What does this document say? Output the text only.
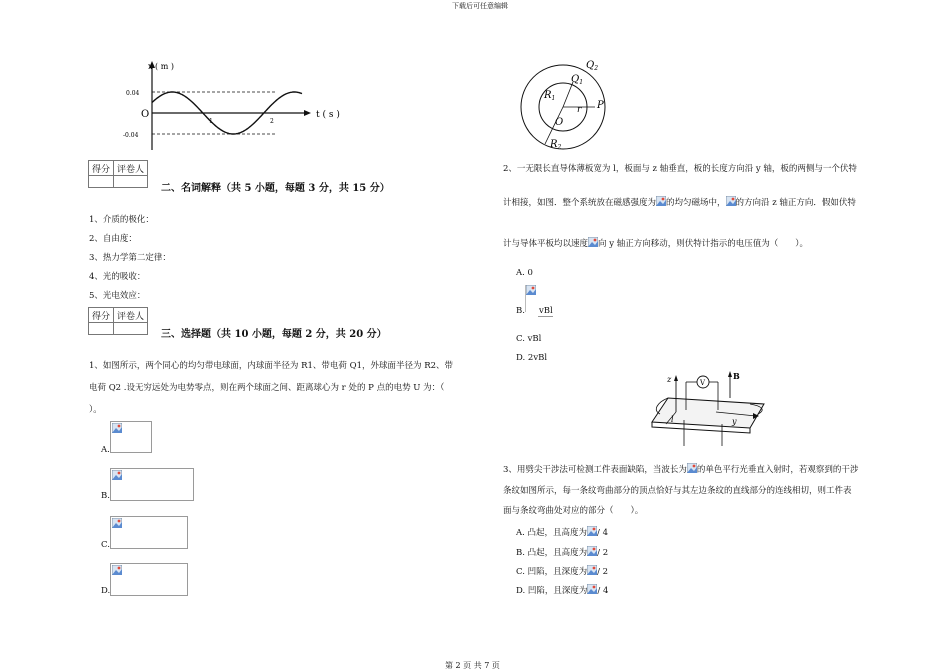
下载后可任意编辑
第 2 页 共 7 页
x ( m )
t ( s )
0.04
-0.04
O
1	2
$Q_2$
$Q_1$
$R_1$
r P
O
$R_2$
得分	评卷人

二、名词解释（共 5 小题，每题 3 分，共 15 分）
1、介质的极化：
2、自由度：
3、热力学第二定律：
4、光的吸收：
5、光电效应：
得分	评卷人

三、选择题（共 10 小题，每题 2 分，共 20 分）
1、如图所示，两个同心的均匀带电球面，内球面半径为 R1、带电荷 Q1，外球面半径为 R2、带
电荷 Q2 .设无穷远处为电势零点，则在两个球面之间、距离球心为 r 处的 P 点的电势 U 为：（
）。
A.
B.
C.
D.
2、一无限长直导体薄板宽为 l，板面与 z 轴垂直，板的长度方向沿 y 轴，板的两侧与一个伏特
计相接，如图．整个系统放在磁感强度为 的均匀磁场中， 的方向沿 z 轴正方向．假如伏特
计与导体平板均以速度 向 y 轴正方向移动，则伏特计指示的电压值为（　　）。
A. 0
B. vBl
C. vBl
D. 2vBl
z	V
B
l	y
3、用劈尖干涉法可检测工件表面缺陷，当波长为 的单色平行光垂直入射时，若观察到的干涉
条纹如图所示，每一条纹弯曲部分的顶点恰好与其左边条纹的直线部分的连线相切，则工件表
面与条纹弯曲处对应的部分（　　）。
A. 凸起，且高度为 / 4
B. 凸起，且高度为 / 2
C. 凹陷，且深度为 / 2
D. 凹陷，且深度为 / 4
